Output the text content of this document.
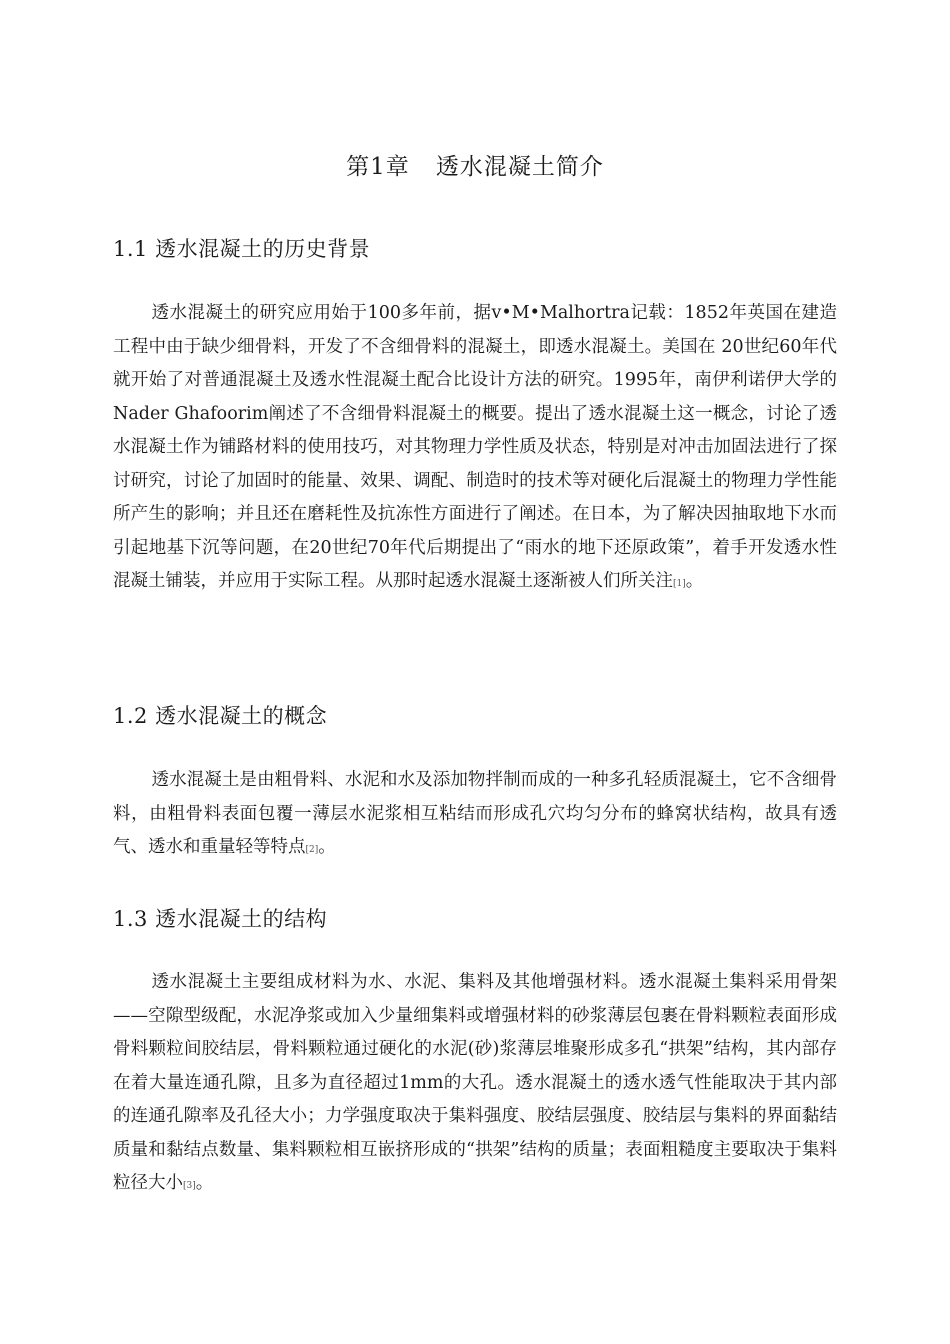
第1章 透水混凝土简介
1.1 透水混凝土的历史背景

透水混凝土的研究应用始于100多年前，据v•M•Malhortra记载：1852年英国在建造工程中由于缺少细骨料，开发了不含细骨料的混凝土，即透水混凝土。美国在 20世纪60年代就开始了对普通混凝土及透水性混凝土配合比设计方法的研究。1995年，南伊利诺伊大学的Nader Ghafoorim阐述了不含细骨料混凝土的概要。提出了透水混凝土这一概念，讨论了透水混凝土作为铺路材料的使用技巧，对其物理力学性质及状态，特别是对冲击加固法进行了探讨研究，讨论了加固时的能量、效果、调配、制造时的技术等对硬化后混凝土的物理力学性能所产生的影响；并且还在磨耗性及抗冻性方面进行了阐述。在日本，为了解决因抽取地下水而引起地基下沉等问题，在20世纪70年代后期提出了“雨水的地下还原政策”，着手开发透水性混凝土铺装，并应用于实际工程。从那时起透水混凝土逐渐被人们所关注[1]。

1.2 透水混凝土的概念

透水混凝土是由粗骨料、水泥和水及添加物拌制而成的一种多孔轻质混凝土，它不含细骨料，由粗骨料表面包覆一薄层水泥浆相互粘结而形成孔穴均匀分布的蜂窝状结构，故具有透气、透水和重量轻等特点[2]。

1.3 透水混凝土的结构

透水混凝土主要组成材料为水、水泥、集料及其他增强材料。透水混凝土集料采用骨架——空隙型级配，水泥净浆或加入少量细集料或增强材料的砂浆薄层包裹在骨料颗粒表面形成骨料颗粒间胶结层，骨料颗粒通过硬化的水泥(砂)浆薄层堆聚形成多孔“拱架”结构，其内部存在着大量连通孔隙，且多为直径超过1mm的大孔。透水混凝土的透水透气性能取决于其内部的连通孔隙率及孔径大小；力学强度取决于集料强度、胶结层强度、胶结层与集料的界面黏结质量和黏结点数量、集料颗粒相互嵌挤形成的“拱架”结构的质量；表面粗糙度主要取决于集料粒径大小[3]。
